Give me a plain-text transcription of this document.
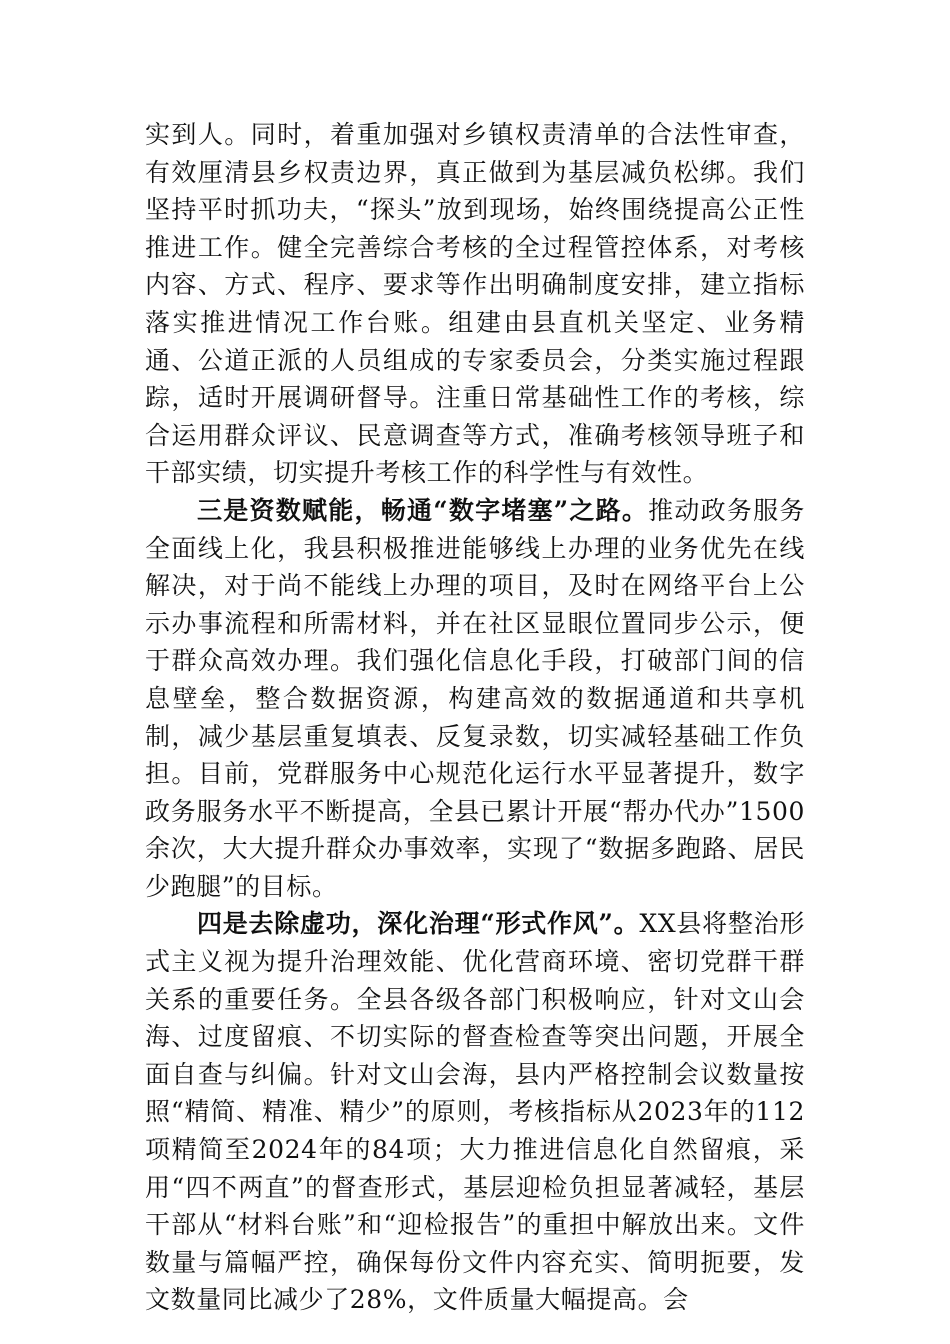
实到人。同时，着重加强对乡镇权责清单的合法性审查，有效厘清县乡权责边界，真正做到为基层减负松绑。我们坚持平时抓功夫，“探头”放到现场，始终围绕提高公正性推进工作。健全完善综合考核的全过程管控体系，对考核内容、方式、程序、要求等作出明确制度安排，建立指标落实推进情况工作台账。组建由县直机关坚定、业务精通、公道正派的人员组成的专家委员会，分类实施过程跟踪，适时开展调研督导。注重日常基础性工作的考核，综合运用群众评议、民意调查等方式，准确考核领导班子和干部实绩，切实提升考核工作的科学性与有效性。

三是资数赋能，畅通“数字堵塞”之路。推动政务服务全面线上化，我县积极推进能够线上办理的业务优先在线解决，对于尚不能线上办理的项目，及时在网络平台上公示办事流程和所需材料，并在社区显眼位置同步公示，便于群众高效办理。我们强化信息化手段，打破部门间的信息壁垒，整合数据资源，构建高效的数据通道和共享机制，减少基层重复填表、反复录数，切实减轻基础工作负担。目前，党群服务中心规范化运行水平显著提升，数字政务服务水平不断提高，全县已累计开展“帮办代办”1500余次，大大提升群众办事效率，实现了“数据多跑路、居民少跑腿”的目标。

四是去除虚功，深化治理“形式作风”。XX县将整治形式主义视为提升治理效能、优化营商环境、密切党群干群关系的重要任务。全县各级各部门积极响应，针对文山会海、过度留痕、不切实际的督查检查等突出问题，开展全面自查与纠偏。针对文山会海，县内严格控制会议数量按照“精简、精准、精少”的原则，考核指标从2023年的112项精简至2024年的84项；大力推进信息化自然留痕，采用“四不两直”的督查形式，基层迎检负担显著减轻，基层干部从“材料台账”和“迎检报告”的重担中解放出来。文件数量与篇幅严控，确保每份文件内容充实、简明扼要，发文数量同比减少了28%，文件质量大幅提高。会
